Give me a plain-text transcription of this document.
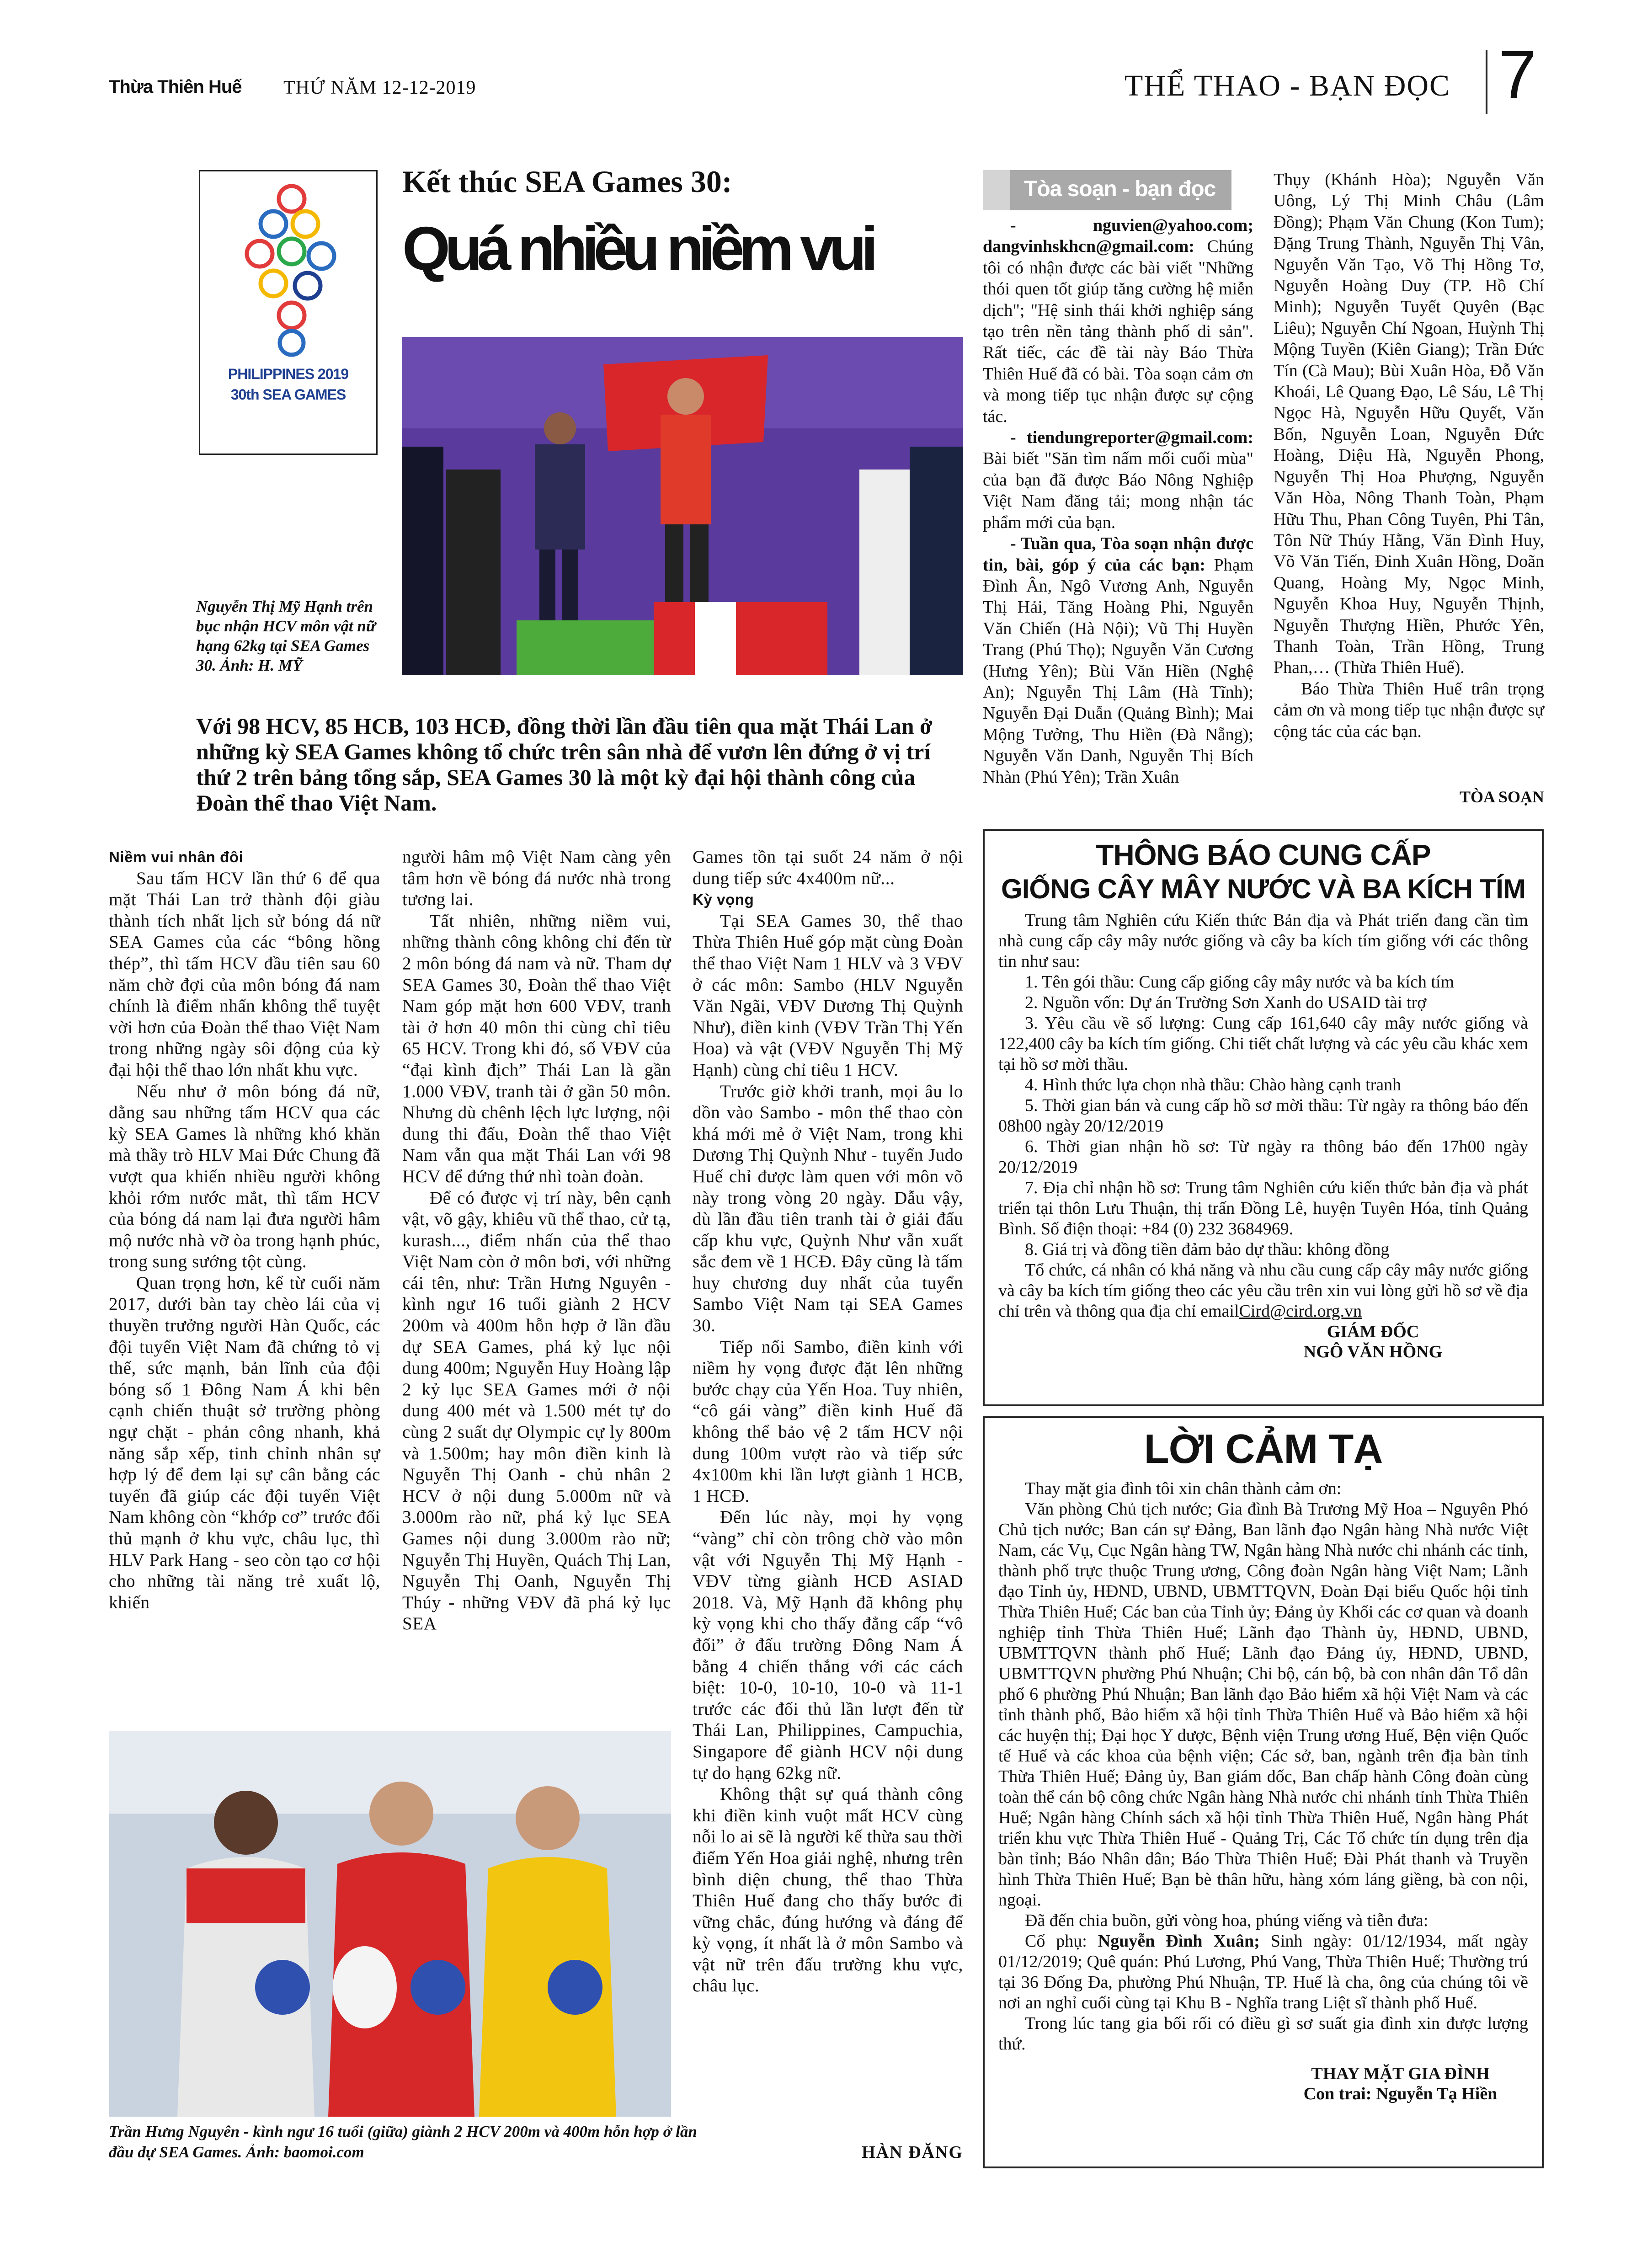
Thừa Thiên Huế THỨ NĂM 12-12-2019	THỂ THAO - BẠN ĐỌC 7
PHILIPPINES 2019
30th SEA GAMES
Kết thúc SEA Games 30:
Quá nhiều niềm vui
Nguyễn Thị Mỹ Hạnh trên bục nhận HCV môn vật nữ hạng 62kg tại SEA Games 30. Ảnh: H. MỸ
Với 98 HCV, 85 HCB, 103 HCĐ, đồng thời lần đầu tiên qua mặt Thái Lan ở những kỳ SEA Games không tổ chức trên sân nhà để vươn lên đứng ở vị trí thứ 2 trên bảng tổng sắp, SEA Games 30 là một kỳ đại hội thành công của Đoàn thể thao Việt Nam.
Niềm vui nhân đôi

Sau tấm HCV lần thứ 6 để qua mặt Thái Lan trở thành đội giàu thành tích nhất lịch sử bóng dá nữ SEA Games của các “bông hồng thép”, thì tấm HCV đầu tiên sau 60 năm chờ đợi của môn bóng đá nam chính là điểm nhấn không thể tuyệt vời hơn của Đoàn thể thao Việt Nam trong những ngày sôi động của kỳ đại hội thể thao lớn nhất khu vực.

Nếu như ở môn bóng đá nữ, dằng sau những tấm HCV qua các kỳ SEA Games là những khó khăn mà thầy trò HLV Mai Đức Chung đã vượt qua khiến nhiều người không khỏi rớm nước mắt, thì tấm HCV của bóng dá nam lại đưa người hâm mộ nước nhà vỡ òa trong hạnh phúc, trong sung sướng tột cùng.

Quan trọng hơn, kể từ cuối năm 2017, dưới bàn tay chèo lái của vị thuyền trưởng người Hàn Quốc, các đội tuyển Việt Nam đã chứng tỏ vị thế, sức mạnh, bản lĩnh của đội bóng số 1 Đông Nam Á khi bên cạnh chiến thuật sở trường phòng ngự chặt - phản công nhanh, khả năng sắp xếp, tinh chỉnh nhân sự hợp lý để đem lại sự cân bằng các tuyến đã giúp các đội tuyển Việt Nam không còn “khớp cơ” trước đối thủ mạnh ở khu vực, châu lục, thì HLV Park Hang - seo còn tạo cơ hội cho những tài năng trẻ xuất lộ, khiến

người hâm mộ Việt Nam càng yên tâm hơn về bóng đá nước nhà trong tương lai.

Tất nhiên, những niềm vui, những thành công không chỉ đến từ 2 môn bóng đá nam và nữ. Tham dự SEA Games 30, Đoàn thể thao Việt Nam góp mặt hơn 600 VĐV, tranh tài ở hơn 40 môn thi cùng chỉ tiêu 65 HCV. Trong khi đó, số VĐV của “đại kình địch” Thái Lan là gần 1.000 VĐV, tranh tài ở gần 50 môn. Nhưng dù chênh lệch lực lượng, nội dung thi đấu, Đoàn thể thao Việt Nam vẫn qua mặt Thái Lan với 98 HCV để đứng thứ nhì toàn đoàn.

Để có được vị trí này, bên cạnh vật, võ gậy, khiêu vũ thể thao, cử tạ, kurash..., điểm nhấn của thể thao Việt Nam còn ở môn bơi, với những cái tên, như: Trần Hưng Nguyên - kình ngư 16 tuổi giành 2 HCV 200m và 400m hỗn hợp ở lần đầu dự SEA Games, phá kỷ lục nội dung 400m; Nguyễn Huy Hoàng lập 2 kỷ lục SEA Games mới ở nội dung 400 mét và 1.500 mét tự do cùng 2 suất dự Olympic cự ly 800m và 1.500m; hay môn điền kinh là Nguyễn Thị Oanh - chủ nhân 2 HCV ở nội dung 5.000m nữ và 3.000m rào nữ, phá kỷ lục SEA Games nội dung 3.000m rào nữ; Nguyễn Thị Huyền, Quách Thị Lan, Nguyễn Thị Oanh, Nguyễn Thị Thúy - những VĐV đã phá kỷ lục SEA

Games tồn tại suốt 24 năm ở nội dung tiếp sức 4x400m nữ...

Kỳ vọng

Tại SEA Games 30, thể thao Thừa Thiên Huế góp mặt cùng Đoàn thể thao Việt Nam 1 HLV và 3 VĐV ở các môn: Sambo (HLV Nguyễn Văn Ngãi, VĐV Dương Thị Quỳnh Như), điền kinh (VĐV Trần Thị Yến Hoa) và vật (VĐV Nguyễn Thị Mỹ Hạnh) cùng chỉ tiêu 1 HCV.

Trước giờ khởi tranh, mọi âu lo dồn vào Sambo - môn thể thao còn khá mới mẻ ở Việt Nam, trong khi Dương Thị Quỳnh Như - tuyển Judo Huế chỉ được làm quen với môn võ này trong vòng 20 ngày. Dẫu vậy, dù lần đầu tiên tranh tài ở giải đấu cấp khu vực, Quỳnh Như vẫn xuất sắc đem về 1 HCĐ. Đây cũng là tấm huy chương duy nhất của tuyển Sambo Việt Nam tại SEA Games 30.

Tiếp nối Sambo, điền kinh với niềm hy vọng được đặt lên những bước chạy của Yến Hoa. Tuy nhiên, “cô gái vàng” điền kinh Huế đã không thể bảo vệ 2 tấm HCV nội dung 100m vượt rào và tiếp sức 4x100m khi lần lượt giành 1 HCB, 1 HCĐ.

Đến lúc này, mọi hy vọng “vàng” chỉ còn trông chờ vào môn vật với Nguyễn Thị Mỹ Hạnh - VĐV từng giành HCĐ ASIAD 2018. Và, Mỹ Hạnh đã không phụ kỳ vọng khi cho thấy đẳng cấp “vô đối” ở đấu trường Đông Nam Á bằng 4 chiến thắng với các cách biệt: 10-0, 10-10, 10-0 và 11-1 trước các đối thủ lần lượt đến từ Thái Lan, Philippines, Campuchia, Singapore để giành HCV nội dung tự do hạng 62kg nữ.

Không thật sự quá thành công khi điền kinh vuột mất HCV cùng nỗi lo ai sẽ là người kế thừa sau thời điểm Yến Hoa giải nghệ, nhưng trên bình diện chung, thể thao Thừa Thiên Huế đang cho thấy bước đi vững chắc, đúng hướng và đáng để kỳ vọng, ít nhất là ở môn Sambo và vật nữ trên đấu trường khu vực, châu lục.

HÀN ĐĂNG
Trần Hưng Nguyên - kình ngư 16 tuổi (giữa) giành 2 HCV 200m và 400m hỗn hợp ở lần đầu dự SEA Games. Ảnh: baomoi.com
Tòa soạn - bạn đọc

- nguvien@yahoo.com; dangvinhskhcn@gmail.com: Chúng tôi có nhận được các bài viết "Những thói quen tốt giúp tăng cường hệ miễn dịch"; "Hệ sinh thái khởi nghiệp sáng tạo trên nền tảng thành phố di sản". Rất tiếc, các đề tài này Báo Thừa Thiên Huế đã có bài. Tòa soạn cảm ơn và mong tiếp tục nhận được sự cộng tác.

- tiendungreporter@gmail.com: Bài biết "Săn tìm nấm mối cuối mùa" của bạn đã được Báo Nông Nghiệp Việt Nam đăng tải; mong nhận tác phẩm mới của bạn.

- Tuần qua, Tòa soạn nhận được tin, bài, góp ý của các bạn: Phạm Đình Ân, Ngô Vương Anh, Nguyễn Thị Hải, Tăng Hoàng Phi, Nguyễn Văn Chiến (Hà Nội); Vũ Thị Huyền Trang (Phú Thọ); Nguyễn Văn Cương (Hưng Yên); Bùi Văn Hiền (Nghệ An); Nguyễn Thị Lâm (Hà Tĩnh); Nguyễn Đại Duẫn (Quảng Bình); Mai Mộng Tưởng, Thu Hiền (Đà Nẵng); Nguyễn Văn Danh, Nguyễn Thị Bích Nhàn (Phú Yên); Trần Xuân

Thụy (Khánh Hòa); Nguyễn Văn Uông, Lý Thị Minh Châu (Lâm Đồng); Phạm Văn Chung (Kon Tum); Đặng Trung Thành, Nguyễn Thị Vân, Nguyễn Văn Tạo, Võ Thị Hồng Tơ, Nguyễn Hoàng Duy (TP. Hồ Chí Minh); Nguyễn Tuyết Quyên (Bạc Liêu); Nguyễn Chí Ngoan, Huỳnh Thị Mộng Tuyền (Kiên Giang); Trần Đức Tín (Cà Mau); Bùi Xuân Hòa, Đỗ Văn Khoái, Lê Quang Đạo, Lê Sáu, Lê Thị Ngọc Hà, Nguyễn Hữu Quyết, Văn Bốn, Nguyễn Loan, Nguyễn Đức Hoàng, Diệu Hà, Nguyễn Phong, Nguyễn Thị Hoa Phượng, Nguyễn Văn Hòa, Nông Thanh Toàn, Phạm Hữu Thu, Phan Công Tuyên, Phi Tân, Tôn Nữ Thúy Hằng, Văn Đình Huy, Võ Văn Tiến, Đinh Xuân Hồng, Doãn Quang, Hoàng My, Ngọc Minh, Nguyễn Khoa Huy, Nguyễn Thịnh, Nguyễn Thượng Hiền, Phước Yên, Thanh Toàn, Trần Hồng, Trung Phan,… (Thừa Thiên Huế).

Báo Thừa Thiên Huế trân trọng cảm ơn và mong tiếp tục nhận được sự cộng tác của các bạn.

TÒA SOẠN
THÔNG BÁO CUNG CẤP
GIỐNG CÂY MÂY NƯỚC VÀ BA KÍCH TÍM

Trung tâm Nghiên cứu Kiến thức Bản địa và Phát triển đang cần tìm nhà cung cấp cây mây nước giống và cây ba kích tím giống với các thông tin như sau:

1. Tên gói thầu: Cung cấp giống cây mây nước và ba kích tím

2. Nguồn vốn: Dự án Trường Sơn Xanh do USAID tài trợ

3. Yêu cầu về số lượng: Cung cấp 161,640 cây mây nước giống và 122,400 cây ba kích tím giống. Chi tiết chất lượng và các yêu cầu khác xem tại hồ sơ mời thầu.

4. Hình thức lựa chọn nhà thầu: Chào hàng cạnh tranh

5. Thời gian bán và cung cấp hồ sơ mời thầu: Từ ngày ra thông báo đến 08h00 ngày 20/12/2019

6. Thời gian nhận hồ sơ: Từ ngày ra thông báo đến 17h00 ngày 20/12/2019

7. Địa chỉ nhận hồ sơ: Trung tâm Nghiên cứu kiến thức bản địa và phát triển tại thôn Lưu Thuận, thị trấn Đồng Lê, huyện Tuyên Hóa, tỉnh Quảng Bình. Số điện thoại: +84 (0) 232 3684969.

8. Giá trị và đồng tiền đảm bảo dự thầu: không đồng

Tổ chức, cá nhân có khả năng và nhu cầu cung cấp cây mây nước giống và cây ba kích tím giống theo các yêu cầu trên xin vui lòng gửi hồ sơ về địa chỉ trên và thông qua địa chỉ emailCird@cird.org.vn

GIÁM ĐỐC
NGÔ VĂN HỒNG
LỜI CẢM TẠ

Thay mặt gia đình tôi xin chân thành cảm ơn:

Văn phòng Chủ tịch nước; Gia đình Bà Trương Mỹ Hoa – Nguyên Phó Chủ tịch nước; Ban cán sự Đảng, Ban lãnh đạo Ngân hàng Nhà nước Việt Nam, các Vụ, Cục Ngân hàng TW, Ngân hàng Nhà nước chi nhánh các tỉnh, thành phố trực thuộc Trung ương, Công đoàn Ngân hàng Việt Nam; Lãnh đạo Tỉnh ủy, HĐND, UBND, UBMTTQVN, Đoàn Đại biểu Quốc hội tỉnh Thừa Thiên Huế; Các ban của Tỉnh ủy; Đảng ủy Khối các cơ quan và doanh nghiệp tỉnh Thừa Thiên Huế; Lãnh đạo Thành ủy, HĐND, UBND, UBMTTQVN thành phố Huế; Lãnh đạo Đảng ủy, HĐND, UBND, UBMTTQVN phường Phú Nhuận; Chi bộ, cán bộ, bà con nhân dân Tổ dân phố 6 phường Phú Nhuận; Ban lãnh đạo Bảo hiểm xã hội Việt Nam và các tỉnh thành phố, Bảo hiểm xã hội tỉnh Thừa Thiên Huế và Bảo hiểm xã hội các huyện thị; Đại học Y dược, Bệnh viện Trung ương Huế, Bện viện Quốc tế Huế và các khoa của bệnh viện; Các sở, ban, ngành trên địa bàn tỉnh Thừa Thiên Huế; Đảng ủy, Ban giám dốc, Ban chấp hành Công đoàn cùng toàn thể cán bộ công chức Ngân hàng Nhà nước chi nhánh tỉnh Thừa Thiên Huế; Ngân hàng Chính sách xã hội tỉnh Thừa Thiên Huế, Ngân hàng Phát triển khu vực Thừa Thiên Huế - Quảng Trị, Các Tổ chức tín dụng trên địa bàn tỉnh; Báo Nhân dân; Báo Thừa Thiên Huế; Đài Phát thanh và Truyền hình Thừa Thiên Huế; Bạn bè thân hữu, hàng xóm láng giềng, bà con nội, ngoại.

Đã đến chia buồn, gửi vòng hoa, phúng viếng và tiễn đưa:

Cố phụ: Nguyễn Đình Xuân; Sinh ngày: 01/12/1934, mất ngày 01/12/2019; Quê quán: Phú Lương, Phú Vang, Thừa Thiên Huế; Thường trú tại 36 Đống Đa, phường Phú Nhuận, TP. Huế là cha, ông của chúng tôi về nơi an nghỉ cuối cùng tại Khu B - Nghĩa trang Liệt sĩ thành phố Huế.

Trong lúc tang gia bối rối có điều gì sơ suất gia đình xin được lượng thứ.

THAY MẶT GIA ĐÌNH
Con trai: Nguyễn Tạ Hiền
